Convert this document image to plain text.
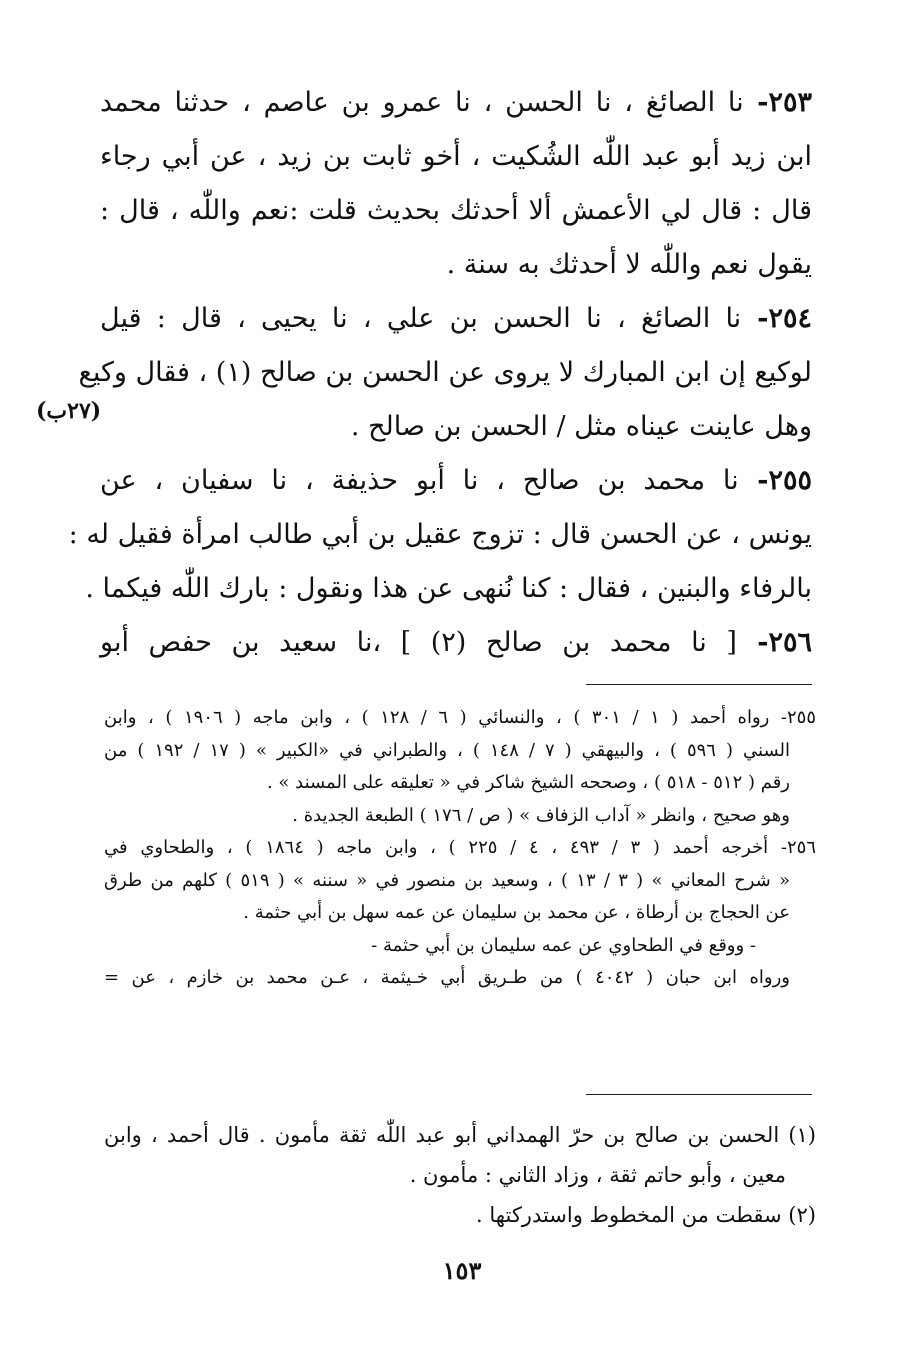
(٢٧ب)
٢٥٣- نا الصائغ ، نا الحسن ، نا عمرو بن عاصم ، حدثنا محمد
ابن زيد أبو عبد اللّٰه الشُكيت ، أخو ثابت بن زيد ، عن أبي رجاء
قال : قال لي الأعمش ألا أحدثك بحديث قلت :نعم واللّٰه ، قال :
يقول نعم واللّٰه لا أحدثك به سنة .
٢٥٤- نا الصائغ ، نا الحسن بن علي ، نا يحيى ، قال : قيل
لوكيع إن ابن المبارك لا يروى عن الحسن بن صالح (١) ، فقال وكيع
وهل عاينت عيناه مثل / الحسن بن صالح .
٢٥٥- نا محمد بن صالح ، نا أبو حذيفة ، نا سفيان ، عن
يونس ، عن الحسن قال : تزوج عقيل بن أبي طالب امرأة فقيل له :
بالرفاء والبنين ، فقال : كنا نُنهى عن هذا ونقول : بارك اللّٰه فيكما .
٢٥٦- [ نا محمد بن صالح (٢) ] ،نا سعيد بن حفص أبو
٢٥٥- رواه أحمد ( ١ / ٣٠١ ) ، والنسائي ( ٦ / ١٢٨ ) ، وابن ماجه ( ١٩٠٦ ) ، وابن
السني ( ٥٩٦ ) ، والبيهقي ( ٧ / ١٤٨ ) ، والطبراني في «الكبير » ( ١٧ / ١٩٢ ) من
رقم ( ٥١٢ - ٥١٨ ) ، وصححه الشيخ شاكر في « تعليقه على المسند » .
وهو صحيح ، وانظر « آداب الزفاف » ( ص / ١٧٦ ) الطبعة الجديدة .
٢٥٦- أخرجه أحمد ( ٣ / ٤٩٣ ، ٤ / ٢٢٥ ) ، وابن ماجه ( ١٨٦٤ ) ، والطحاوي في
« شرح المعاني » ( ٣ / ١٣ ) ، وسعيد بن منصور في « سننه » ( ٥١٩ ) كلهم من طرق
عن الحجاج بن أرطاة ، عن محمد بن سليمان عن عمه سهل بن أبي حثمة .
- ووقع في الطحاوي عن عمه سليمان بن أبي حثمة -
ورواه ابن حبان ( ٤٠٤٢ ) من طـريق أبي خـيثمة ، عـن محمد بن خازم ، عن =
(١) الحسن بن صالح بن حرّ الهمداني أبو عبد اللّٰه ثقة مأمون . قال أحمد ، وابن
معين ، وأبو حاتم ثقة ، وزاد الثاني : مأمون .
(٢) سقطت من المخطوط واستدركتها .
١٥٣
